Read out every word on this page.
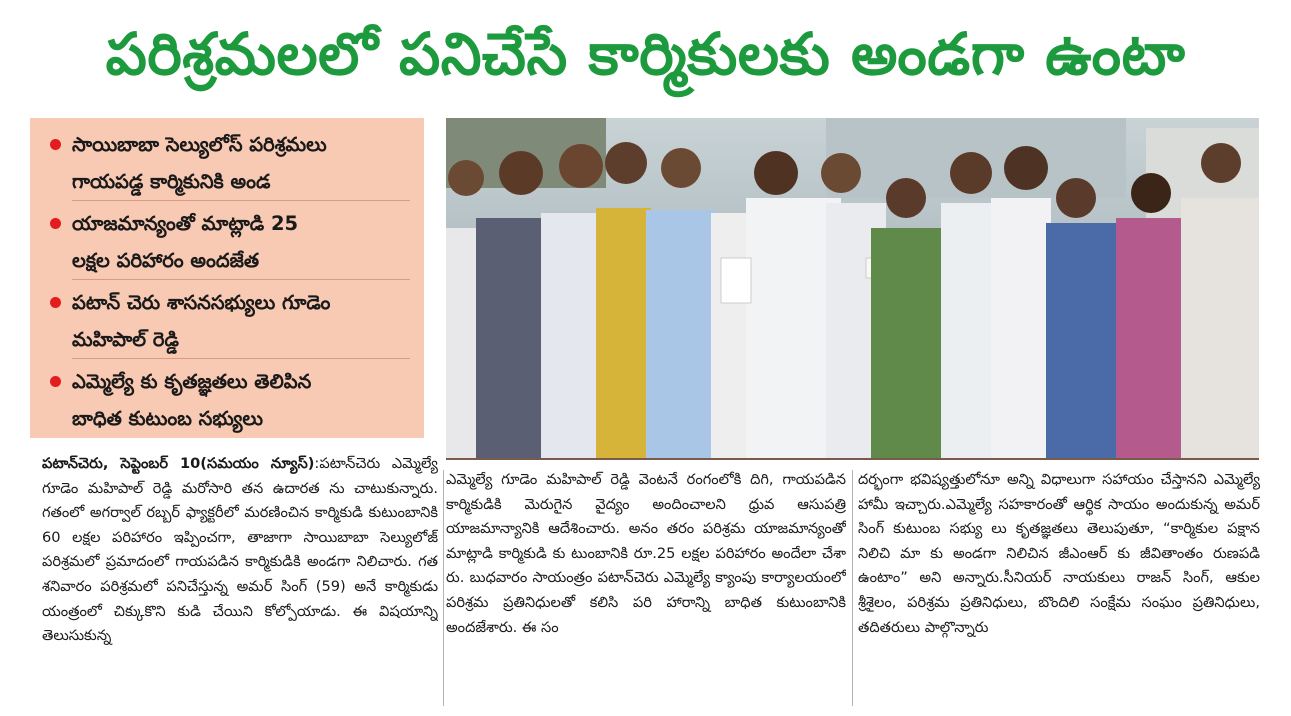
పరిశ్రమలలో పనిచేసే కార్మికులకు అండగా ఉంటా
సాయిబాబా సెల్యులోస్ పరిశ్రమలు
గాయపడ్డ కార్మికునికి అండ
యాజమాన్యంతో మాట్లాడి 25
లక్షల పరిహారం అందజేత
పటాన్ చెరు శాసనసభ్యులు గూడెం
మహిపాల్ రెడ్డి
ఎమ్మెల్యే కు కృతజ్ఞతలు తెలిపిన
బాధిత కుటుంబ సభ్యులు

పటాన్‌చెరు, సెప్టెంబర్ 10(సమయం న్యూస్):పటాన్‌చెరు ఎమ్మెల్యే గూడెం మహిపాల్ రెడ్డి మరోసారి తన ఉదారత ను చాటుకున్నారు. గతంలో అగర్వాల్ రబ్బర్ ఫ్యాక్టరీలో మరణించిన కార్మికుడి కుటుంబానికి 60 లక్షల పరిహారం ఇప్పించగా, తాజాగా సాయిబాబా సెల్యులోజ్ పరిశ్రమలో ప్రమాదంలో గాయపడిన కార్మికుడికి అండగా నిలిచారు. గత శనివారం పరిశ్రమలో పనిచేస్తున్న అమర్ సింగ్ (59) అనే కార్మికుడు యంత్రంలో చిక్కుకొని కుడి చేయిని కోల్పోయాడు. ఈ విషయాన్ని తెలుసుకున్న

ఎమ్మెల్యే గూడెం మహిపాల్ రెడ్డి వెంటనే రంగంలోకి దిగి, గాయపడిన కార్మికుడికి మెరుగైన వైద్యం అందించాలని ధ్రువ ఆసుపత్రి యాజమాన్యానికి ఆదేశించారు. అనం తరం పరిశ్రమ యాజమాన్యంతో మాట్లాడి కార్మికుడి కు టుంబానికి రూ.25 లక్షల పరిహారం అందేలా చేశా రు. బుధవారం సాయంత్రం పటాన్‌చెరు ఎమ్మెల్యే క్యాంపు కార్యాలయంలో పరిశ్రమ ప్రతినిధులతో కలిసి పరి హారాన్ని బాధిత కుటుంబానికి అందజేశారు. ఈ సం

దర్భంగా భవిష్యత్తులోనూ అన్ని విధాలుగా సహాయం చేస్తానని ఎమ్మెల్యే హామీ ఇచ్చారు.ఎమ్మెల్యే సహకారంతో ఆర్థిక సాయం అందుకున్న అమర్ సింగ్ కుటుంబ సభ్యు లు కృతజ్ఞతలు తెలుపుతూ, “కార్మికుల పక్షాన నిలిచి మా కు అండగా నిలిచిన జీఎంఆర్ కు జీవితాంతం రుణపడి ఉంటాం” అని అన్నారు.సీనియర్ నాయకులు రాజన్ సింగ్, ఆకుల శ్రీశైలం, పరిశ్రమ ప్రతినిధులు, బొందిలి సంక్షేమ సంఘం ప్రతినిధులు, తదితరులు పాల్గొన్నారు
